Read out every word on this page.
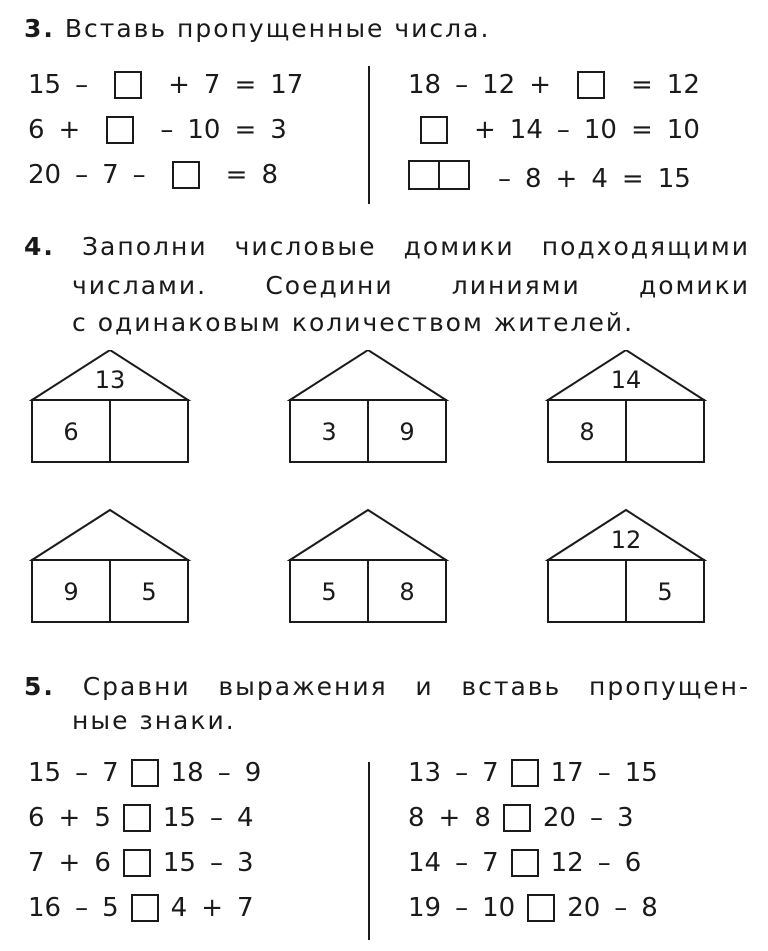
3. Вставь пропущенные числа.
15 –	+ 7 = 17
6 +	– 10 = 3
20 – 7 –	= 8
18 – 12 +	= 12
+ 14 – 10 = 10
– 8 + 4 = 15
4. Заполни числовые домики подходящими
числами. Соедини линиями домики
с одинаковым количеством жителей.
13
6	3	9
14
8
9	5	5	8
12
5
5. Сравни выражения и вставь пропущен-
ные знаки.
15 – 7 18 – 9
6 + 5 15 – 4
7 + 6 15 – 3
16 – 5 4 + 7
13 – 7 17 – 15
8 + 8 20 – 3
14 – 7 12 – 6
19 – 10 20 – 8
